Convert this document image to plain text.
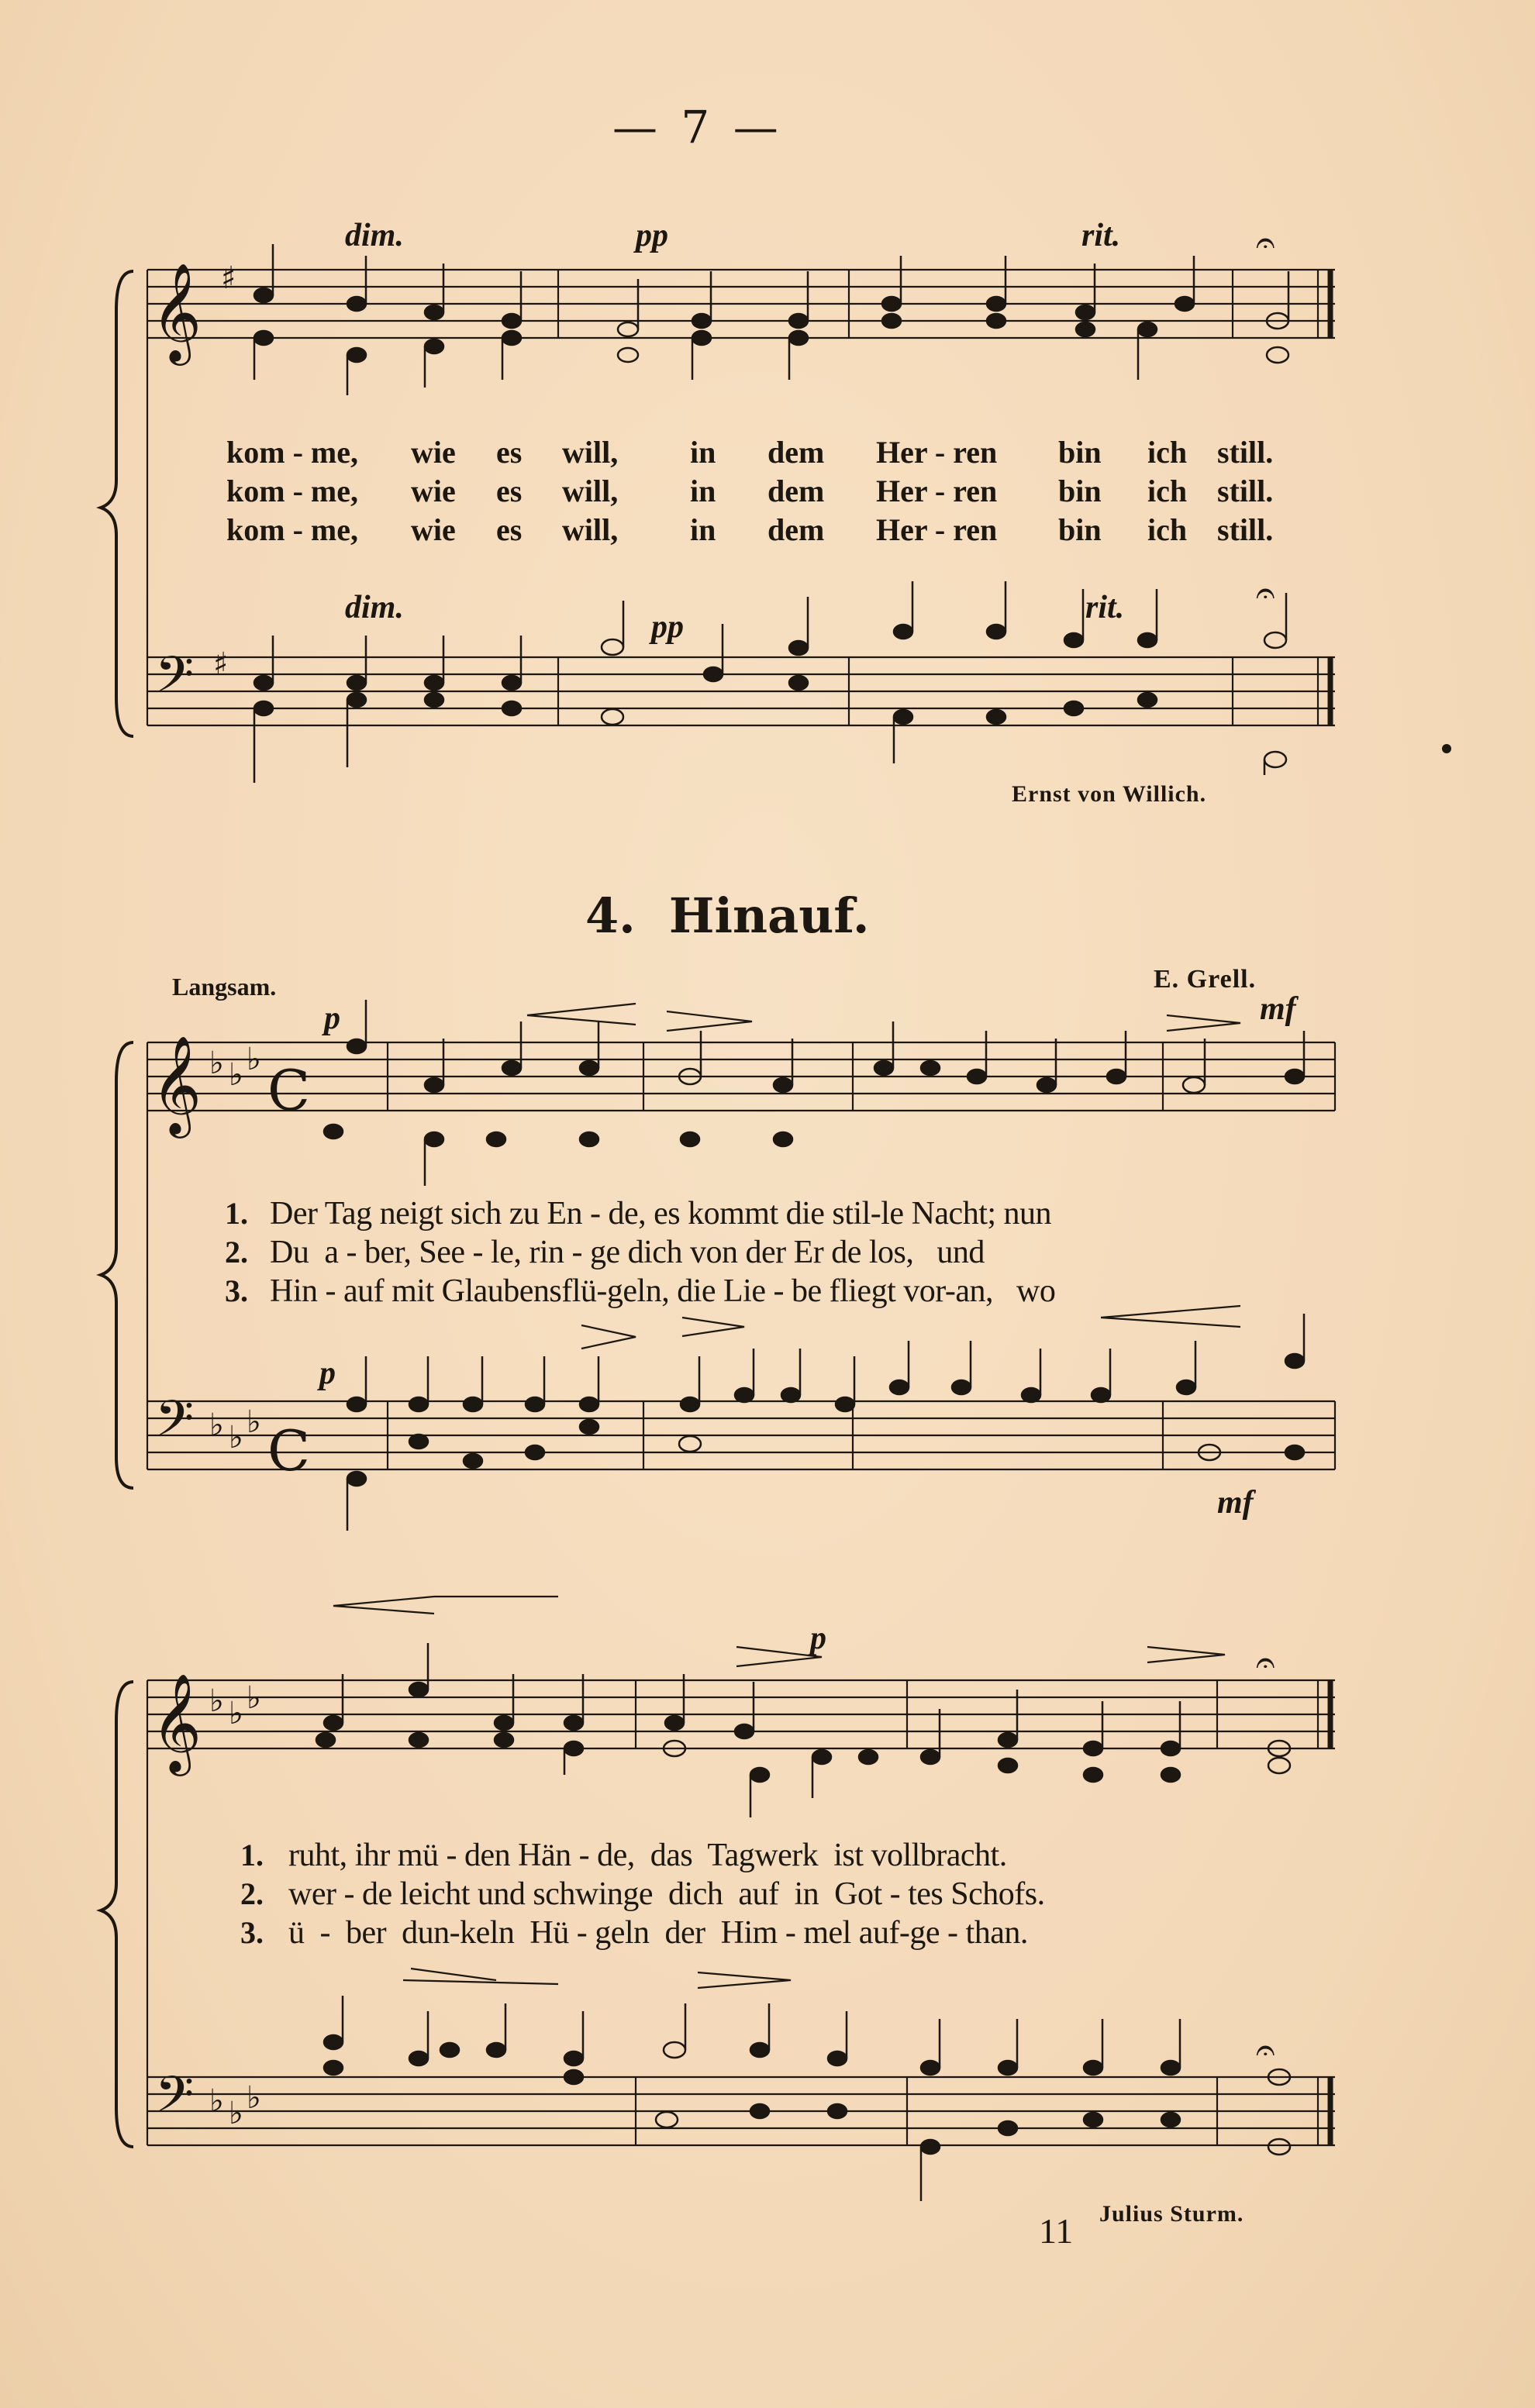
— 7 —
𝄞
𝄢
𝄞
𝄢
𝄞
𝄢
♯
♯
♭ ♭ ♭
♭ ♭ ♭
♭ ♭ ♭
♭ ♭ ♭
C
C
𝄐
𝄐
𝄐
𝄐
dim.	pp	rit.
dim.
pp
rit.
kom - me, wie es will, in dem Her - ren bin ich still.
kom - me, wie es will, in dem Her - ren bin ich still.
kom - me, wie es will, in dem Her - ren bin ich still.
Ernst von Willich.
4.  Hinauf.
Langsam.	E. Grell.
p	mf
p
mf
p
1. Der Tag neigt sich zu En - de, es kommt die stil-le Nacht; nun
2. Du  a - ber, See - le, rin - ge dich von der Er de los,   und
3. Hin - auf mit Glaubensflü-geln, die Lie - be fliegt vor-an,   wo
1. ruht, ihr mü - den Hän - de,  das  Tagwerk  ist vollbracht.
2. wer - de leicht und schwinge  dich  auf  in  Got - tes Schofs.
3. ü  -  ber  dun-keln  Hü - geln  der  Him - mel auf-ge - than.
11 Julius Sturm.
